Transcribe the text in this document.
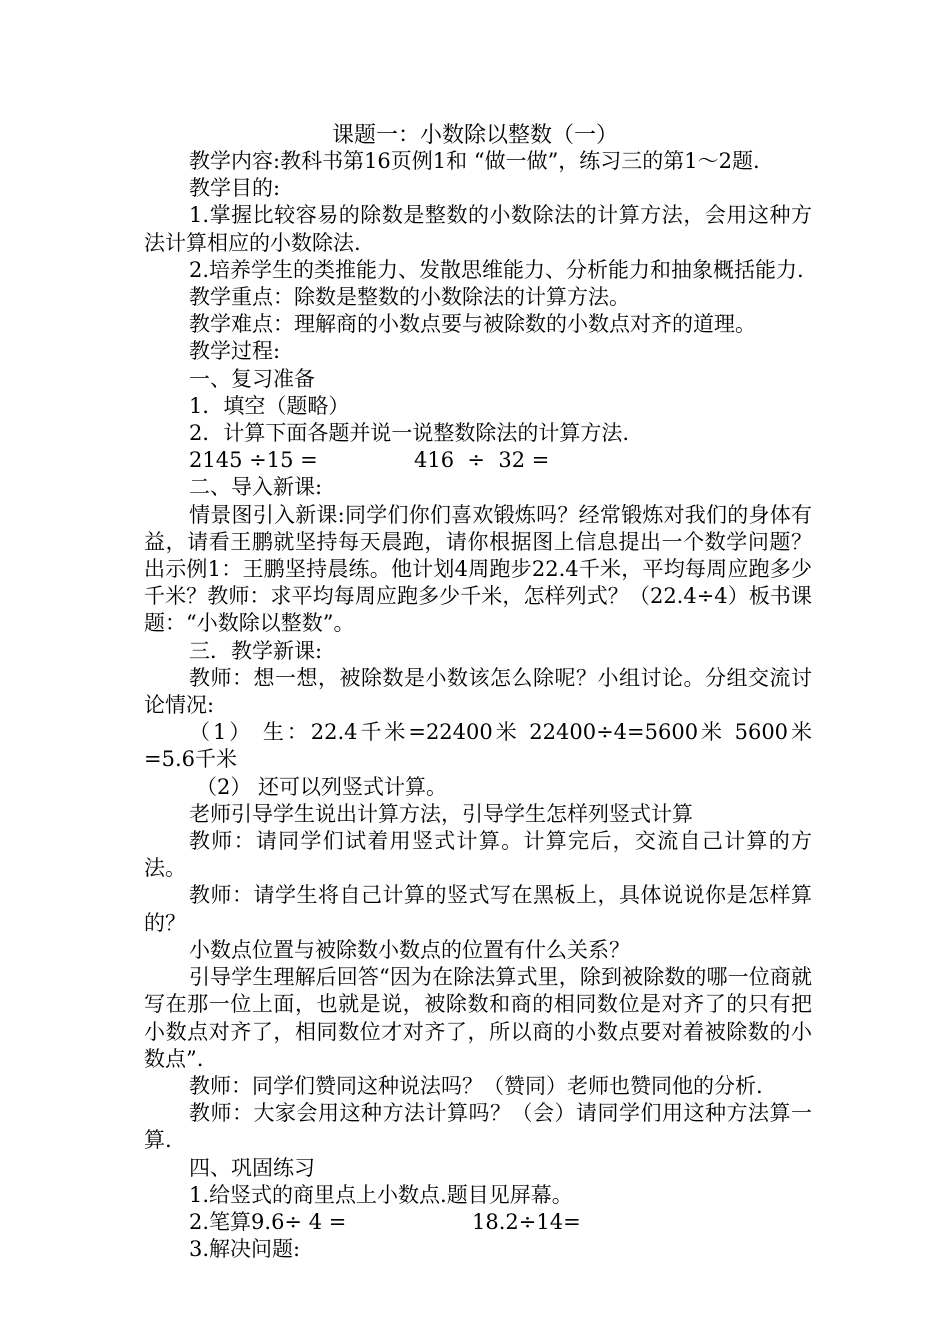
课题一：小数除以整数（一）

教学内容:教科书第16页例1和 “做一做”，练习三的第1～2题.

教学目的:

1.掌握比较容易的除数是整数的小数除法的计算方法，会用这种方法计算相应的小数除法.

2.培养学生的类推能力、发散思维能力、分析能力和抽象概括能力.

教学重点：除数是整数的小数除法的计算方法。

教学难点：理解商的小数点要与被除数的小数点对齐的道理。

教学过程:

一、复习准备

1．填空（题略）

2．计算下面各题并说一说整数除法的计算方法.

2145 ÷15 =	416  ÷  32 =

二、导入新课:

情景图引入新课:同学们你们喜欢锻炼吗？经常锻炼对我们的身体有益，请看王鹏就坚持每天晨跑，请你根据图上信息提出一个数学问题？出示例1：王鹏坚持晨练。他计划4周跑步22.4千米，平均每周应跑多少千米？教师：求平均每周应跑多少千米，怎样列式？（22.4÷4）板书课题：“小数除以整数”。

三．教学新课:

教师：想一想，被除数是小数该怎么除呢？小组讨论。分组交流讨论情况:

（1） 生：22.4千米=22400米 22400÷4=5600米 5600米=5.6千米

（2） 还可以列竖式计算。

老师引导学生说出计算方法，引导学生怎样列竖式计算

教师：请同学们试着用竖式计算。计算完后，交流自己计算的方法。

教师：请学生将自己计算的竖式写在黑板上，具体说说你是怎样算的？

小数点位置与被除数小数点的位置有什么关系？

引导学生理解后回答“因为在除法算式里，除到被除数的哪一位商就写在那一位上面，也就是说，被除数和商的相同数位是对齐了的只有把小数点对齐了，相同数位才对齐了，所以商的小数点要对着被除数的小数点”.

教师：同学们赞同这种说法吗？（赞同）老师也赞同他的分析.

教师：大家会用这种方法计算吗？（会）请同学们用这种方法算一算.

四、巩固练习

1.给竖式的商里点上小数点.题目见屏幕。

2.笔算9.6÷ 4 =	18.2÷14=

3.解决问题:
